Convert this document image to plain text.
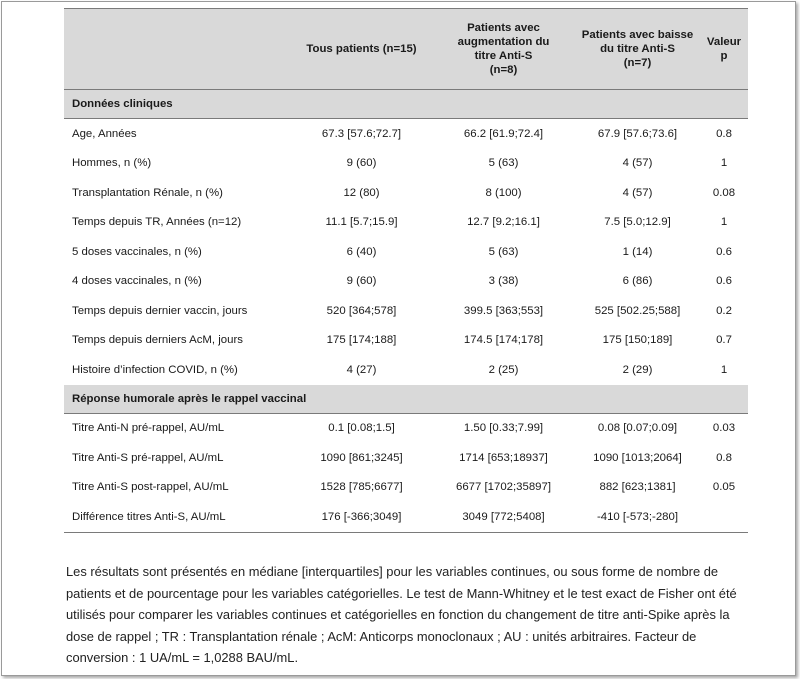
	Tous patients (n=15)	Patients avec
augmentation du
titre Anti-S
(n=8)	Patients avec baisse
du titre Anti-S
(n=7)	Valeur
p
Données cliniques				
Age, Années	67.3 [57.6;72.7]	66.2 [61.9;72.4]	67.9 [57.6;73.6]	0.8
Hommes, n (%)	9 (60)	5 (63)	4 (57)	1
Transplantation Rénale, n (%)	12 (80)	8 (100)	4 (57)	0.08
Temps depuis TR, Années (n=12)	11.1 [5.7;15.9]	12.7 [9.2;16.1]	7.5 [5.0;12.9]	1
5 doses vaccinales, n (%)	6 (40)	5 (63)	1 (14)	0.6
4 doses vaccinales, n (%)	9 (60)	3 (38)	6 (86)	0.6
Temps depuis dernier vaccin, jours	520 [364;578]	399.5 [363;553]	525 [502.25;588]	0.2
Temps depuis derniers AcM, jours	175 [174;188]	174.5 [174;178]	175 [150;189]	0.7
Histoire d’infection COVID, n (%)	4 (27)	2 (25)	2 (29)	1
Réponse humorale après le rappel vaccinal				
Titre Anti-N pré-rappel, AU/mL	0.1 [0.08;1.5]	1.50 [0.33;7.99]	0.08 [0.07;0.09]	0.03
Titre Anti-S pré-rappel, AU/mL	1090 [861;3245]	1714 [653;18937]	1090 [1013;2064]	0.8
Titre Anti-S post-rappel, AU/mL	1528 [785;6677]	6677 [1702;35897]	882 [623;1381]	0.05
Différence titres Anti-S, AU/mL	176 [-366;3049]	3049 [772;5408]	-410 [-573;-280]	
Les résultats sont présentés en médiane [interquartiles] pour les variables continues, ou sous forme de nombre de patients et de pourcentage pour les variables catégorielles. Le test de Mann-Whitney et le test exact de Fisher ont été utilisés pour comparer les variables continues et catégorielles en fonction du changement de titre anti-Spike après la dose de rappel ; TR : Transplantation rénale ; AcM: Anticorps monoclonaux ; AU : unités arbitraires. Facteur de conversion : 1 UA/mL = 1,0288 BAU/mL.
